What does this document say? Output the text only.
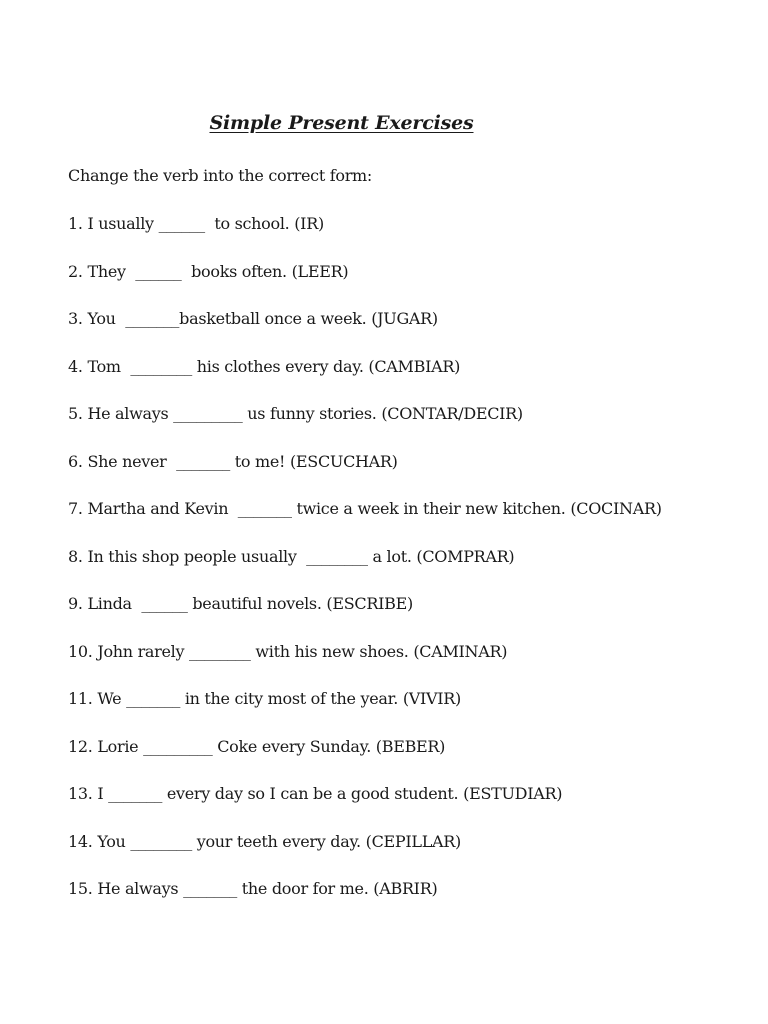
Simple Present Exercises
Change the verb into the correct form:
1. I usually ______  to school. (IR)
2. They  ______  books often. (LEER)
3. You  _______basketball once a week. (JUGAR)
4. Tom  ________ his clothes every day. (CAMBIAR)
5. He always _________ us funny stories. (CONTAR/DECIR)
6. She never  _______ to me! (ESCUCHAR)
7. Martha and Kevin  _______ twice a week in their new kitchen. (COCINAR)
8. In this shop people usually  ________ a lot. (COMPRAR)
9. Linda  ______ beautiful novels. (ESCRIBE)
10. John rarely ________ with his new shoes. (CAMINAR)
11. We _______ in the city most of the year. (VIVIR)
12. Lorie _________ Coke every Sunday. (BEBER)
13. I _______ every day so I can be a good student. (ESTUDIAR)
14. You ________ your teeth every day. (CEPILLAR)
15. He always _______ the door for me. (ABRIR)
